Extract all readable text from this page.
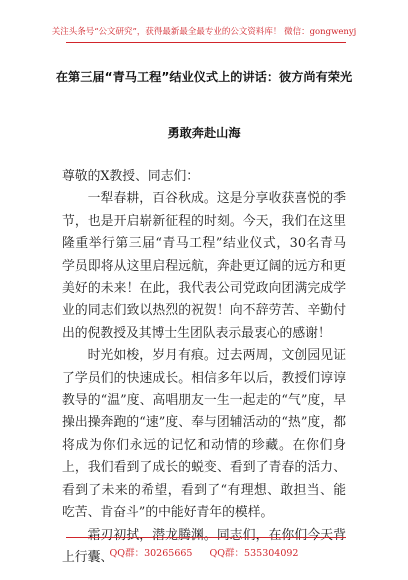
关注头条号“公文研究”，获得最新最全最专业的公文资料库！ 微信：gongwenyj
在第三届“青马工程”结业仪式上的讲话：彼方尚有荣光
勇敢奔赴山海

尊敬的X教授、同志们：

一犁春耕，百谷秋成。这是分享收获喜悦的季节，也是开启崭新征程的时刻。今天，我们在这里隆重举行第三届“青马工程”结业仪式，30名青马学员即将从这里启程远航，奔赴更辽阔的远方和更美好的未来！在此，我代表公司党政向团满完成学业的同志们致以热烈的祝贺！向不辞劳苦、辛勤付出的倪教授及其博士生团队表示最衷心的感谢！

时光如梭，岁月有痕。过去两周，文创园见证了学员们的快速成长。相信多年以后，教授们谆谆教导的“温”度、高唱朋友一生一起走的“气”度，早操出操奔跑的“速”度、奉与团辅活动的“热”度，都将成为你们永远的记忆和动情的珍藏。在你们身上，我们看到了成长的蜕变、看到了青春的活力、看到了未来的希望，看到了“有理想、敢担当、能吃苦、肯奋斗”的中能好青年的模样。

霜刃初拭，潜龙腾渊。同志们，在你们今天背上行囊、

QQ群：30265665 QQ群：535304092
